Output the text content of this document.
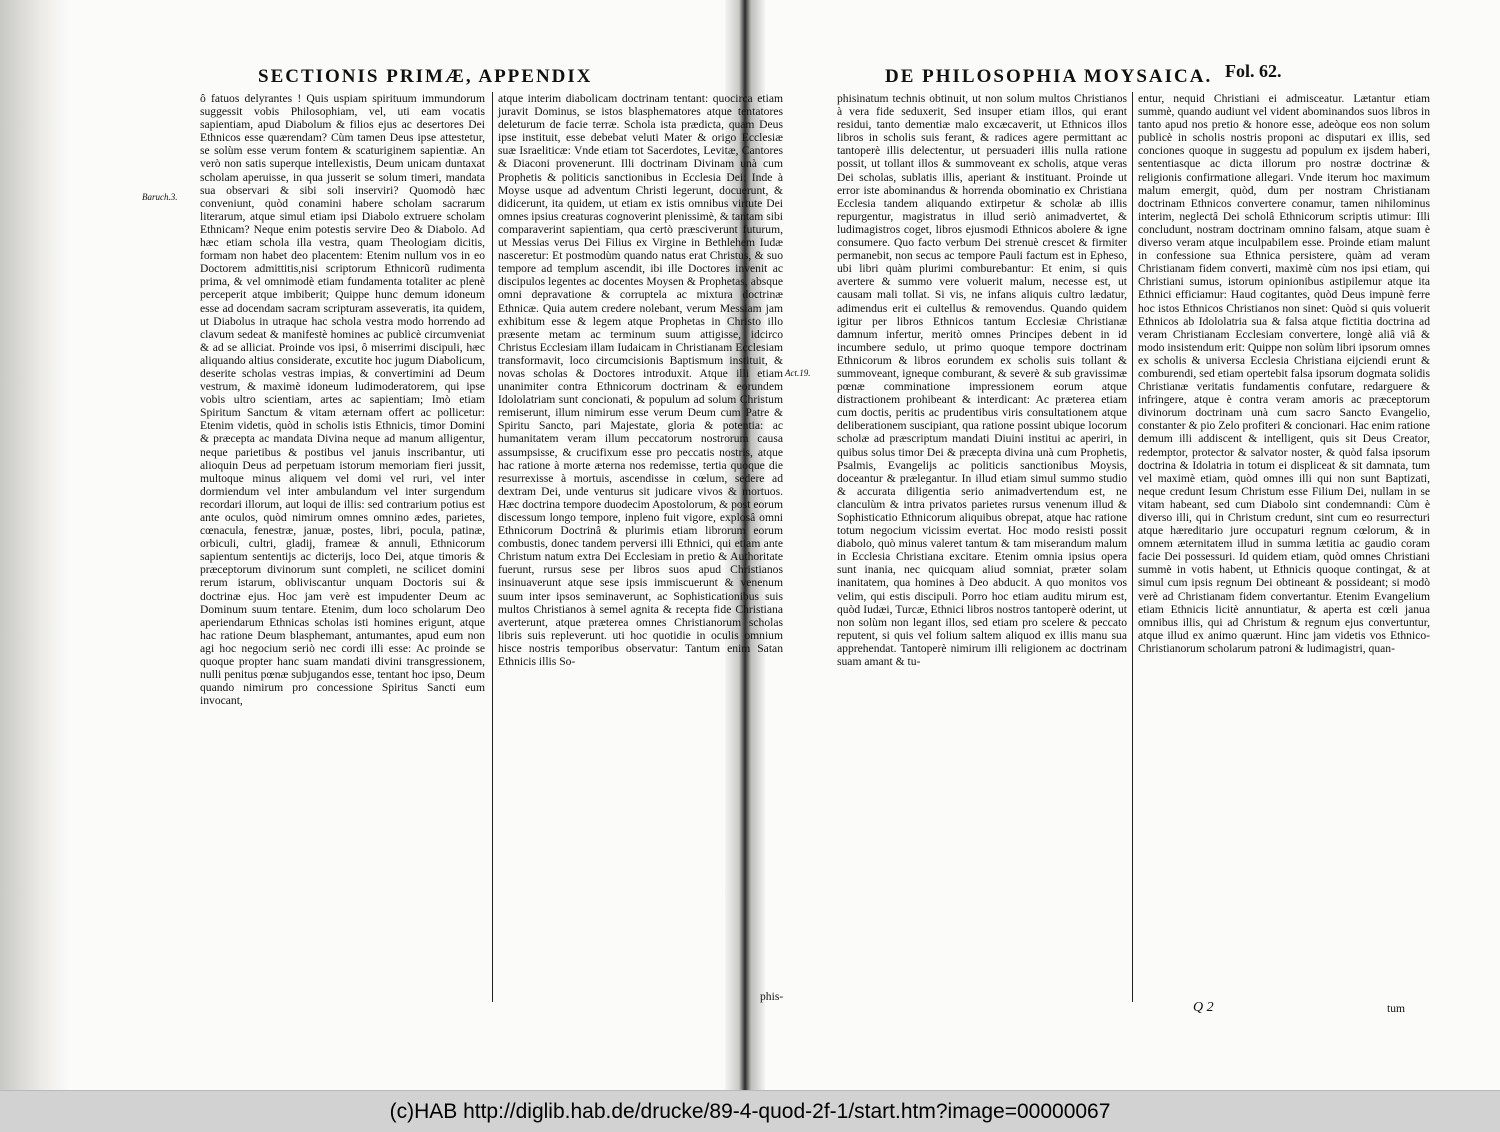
SECTIONIS PRIMÆ, APPENDIX
Baruch.3.

ô fatuos delyrantes ! Quis uspiam spirituum immundorum suggessit vobis Philosophiam, vel, uti eam vocatis sapientiam, apud Diabolum & filios ejus ac desertores Dei Ethnicos esse quærendam? Cùm tamen Deus ipse attestetur, se solùm esse verum fontem & scaturiginem sapientiæ. An verò non satis superque intellexistis, Deum unicam duntaxat scholam aperuisse, in qua jusserit se solum timeri, mandata sua observari & sibi soli inserviri? Quomodò hæc conveniunt, quòd conamini habere scholam sacrarum literarum, atque simul etiam ipsi Diabolo extruere scholam Ethnicam? Neque enim potestis servire Deo & Diabolo. Ad hæc etiam schola illa vestra, quam Theologiam dicitis, formam non habet deo placentem: Etenim nullum vos in eo Doctorem admittitis,nisi scriptorum Ethnicorũ rudimenta prima, & vel omnimodè etiam fundamenta totaliter ac plenè perceperit atque imbiberit; Quippe hunc demum idoneum esse ad docendam sacram scripturam asseveratis, ita quidem, ut Diabolus in utraque hac schola vestra modo horrendo ad clavum sedeat & manifestè homines ac publicè circumveniat & ad se alliciat. Proinde vos ipsi, ô miserrimi discipuli, hæc aliquando altius considerate, excutite hoc jugum Diabolicum, deserite scholas vestras impias, & convertimini ad Deum vestrum, & maximè idoneum ludimoderatorem, qui ipse vobis ultro scientiam, artes ac sapientiam; Imò etiam Spiritum Sanctum & vitam æternam offert ac pollicetur: Etenim videtis, quòd in scholis istis Ethnicis, timor Domini & præcepta ac mandata Divina neque ad manum alligentur, neque parietibus & postibus vel januis inscribantur, uti alioquin Deus ad perpetuam istorum memoriam fieri jussit, multoque minus aliquem vel domi vel ruri, vel inter dormiendum vel inter ambulandum vel inter surgendum recordari illorum, aut loqui de illis: sed contrarium potius est ante oculos, quòd nimirum omnes omnino ædes, parietes, cœnacula, fenestræ, januæ, postes, libri, pocula, patinæ, orbiculi, cultri, gladij, frameæ & annuli, Ethnicorum sapientum sententijs ac dicterijs, loco Dei, atque timoris & præceptorum divinorum sunt completi, ne scilicet domini rerum istarum, obliviscantur unquam Doctoris sui & doctrinæ ejus. Hoc jam verè est impudenter Deum ac Dominum suum tentare. Etenim, dum loco scholarum Deo aperiendarum Ethnicas scholas isti homines erigunt, atque hac ratione Deum blasphemant, antumantes, apud eum non agi hoc negocium seriò nec cordi illi esse: Ac proinde se quoque propter hanc suam mandati divini transgressionem, nulli penitus pœnæ subjugandos esse, tentant hoc ipso, Deum quando nimirum pro concessione Spiritus Sancti eum invocant,

atque interim diabolicam doctrinam tentant: quocirca etiam juravit Dominus, se istos blasphematores atque tentatores deleturum de facie terræ. Schola ista prædicta, quam Deus ipse instituit, esse debebat veluti Mater & origo Ecclesiæ suæ Israeliticæ: Vnde etiam tot Sacerdotes, Levitæ, Cantores & Diaconi provenerunt. Illi doctrinam Divinam unà cum Prophetis & politicis sanctionibus in Ecclesia Dei: Inde à Moyse usque ad adventum Christi legerunt, docuerunt, & didicerunt, ita quidem, ut etiam ex istis omnibus virtute Dei omnes ipsius creaturas cognoverint plenissimè, & tantam sibi comparaverint sapientiam, qua certò præsciverunt futurum, ut Messias verus Dei Filius ex Virgine in Bethlehem Iudæ nasceretur: Et postmodùm quando natus erat Christus, & suo tempore ad templum ascendit, ibi ille Doctores invenit ac discipulos legentes ac docentes Moysen & Prophetas, absque omni depravatione & corruptela ac mixtura doctrinæ Ethnicæ. Quia autem credere nolebant, verum Messiam jam exhibitum esse & legem atque Prophetas in Christo illo præsente metam ac terminum suum attigisse, idcirco Christus Ecclesiam illam Iudaicam in Christianam Ecclesiam transformavit, loco circumcisionis Baptismum instituit, & novas scholas & Doctores introduxit. Atque illi etiam unanimiter contra Ethnicorum doctrinam & eorundem Idololatriam sunt concionati, & populum ad solum Christum remiserunt, illum nimirum esse verum Deum cum Patre & Spiritu Sancto, pari Majestate, gloria & potentia: ac humanitatem veram illum peccatorum nostrorum causa assumpsisse, & crucifixum esse pro peccatis nostris, atque hac ratione à morte æterna nos redemisse, tertia quoque die resurrexisse à mortuis, ascendisse in cœlum, sedere ad dextram Dei, unde venturus sit judicare vivos & mortuos. Hæc doctrina tempore duodecim Apostolorum, & post eorum discessum longo tempore, inpleno fuit vigore, explosâ omni Ethnicorum Doctrinâ & plurimis etiam librorum eorum combustis, donec tandem perversi illi Ethnici, qui etiam ante Christum natum extra Dei Ecclesiam in pretio & Authoritate fuerunt, rursus sese per libros suos apud Christianos insinuaverunt atque sese ipsis immiscuerunt & venenum suum inter ipsos seminaverunt, ac Sophisticationibus suis multos Christianos à semel agnita & recepta fide Christiana averterunt, atque præterea omnes Christianorum scholas libris suis repleverunt. uti hoc quotidie in oculis omnium hisce nostris temporibus observatur: Tantum enim Satan Ethnicis illis So-

phis-
DE PHILOSOPHIA MOYSAICA. Fol. 62.
Act.19.

phisinatum technis obtinuit, ut non solum multos Christianos à vera fide seduxerit, Sed insuper etiam illos, qui erant residui, tanto dementiæ malo excæcaverit, ut Ethnicos illos libros in scholis suis ferant, & radices agere permittant ac tantoperè illis delectentur, ut persuaderi illis nulla ratione possit, ut tollant illos & summoveant ex scholis, atque veras Dei scholas, sublatis illis, aperiant & instituant. Proinde ut error iste abominandus & horrenda obominatio ex Christiana Ecclesia tandem aliquando extirpetur & scholæ ab illis repurgentur, magistratus in illud seriò animadvertet, & ludimagistros coget, libros ejusmodi Ethnicos abolere & igne consumere. Quo facto verbum Dei strenuè crescet & firmiter permanebit, non secus ac tempore Pauli factum est in Epheso, ubi libri quàm plurimi comburebantur: Et enim, si quis avertere & summo vere voluerit malum, necesse est, ut causam mali tollat. Si vis, ne infans aliquis cultro lædatur, adimendus erit ei cultellus & removendus. Quando quidem igitur per libros Ethnicos tantum Ecclesiæ Christianæ damnum infertur, meritò omnes Principes debent in id incumbere sedulo, ut primo quoque tempore doctrinam Ethnicorum & libros eorundem ex scholis suis tollant & summoveant, igneque comburant, & severè & sub gravissimæ pœnæ comminatione impressionem eorum atque distractionem prohibeant & interdicant: Ac præterea etiam cum doctis, peritis ac prudentibus viris consultationem atque deliberationem suscipiant, qua ratione possint ubique locorum scholæ ad præscriptum mandati Diuini institui ac aperiri, in quibus solus timor Dei & præcepta divina unà cum Prophetis, Psalmis, Evangelijs ac politicis sanctionibus Moysis, doceantur & prælegantur. In illud etiam simul summo studio & accurata diligentia serio animadvertendum est, ne clanculùm & intra privatos parietes rursus venenum illud & Sophisticatio Ethnicorum aliquibus obrepat, atque hac ratione totum negocium vicissim evertat. Hoc modo resisti possit diabolo, quò minus valeret tantum & tam miserandum malum in Ecclesia Christiana excitare. Etenim omnia ipsius opera sunt inania, nec quicquam aliud somniat, præter solam inanitatem, qua homines à Deo abducit. A quo monitos vos velim, qui estis discipuli. Porro hoc etiam auditu mirum est, quòd Iudæi, Turcæ, Ethnici libros nostros tantoperè oderint, ut non solùm non legant illos, sed etiam pro scelere & peccato reputent, si quis vel folium saltem aliquod ex illis manu sua apprehendat. Tantoperè nimirum illi religionem ac doctrinam suam amant & tu-

entur, nequid Christiani ei admisceatur. Lætantur etiam summè, quando audiunt vel vident abominandos suos libros in tanto apud nos pretio & honore esse, adeòque eos non solum publicè in scholis nostris proponi ac disputari ex illis, sed conciones quoque in suggestu ad populum ex ijsdem haberi, sententiasque ac dicta illorum pro nostræ doctrinæ & religionis confirmatione allegari. Vnde iterum hoc maximum malum emergit, quòd, dum per nostram Christianam doctrinam Ethnicos convertere conamur, tamen nihilominus interim, neglectâ Dei scholâ Ethnicorum scriptis utimur: Illi concludunt, nostram doctrinam omnino falsam, atque suam è diverso veram atque inculpabilem esse. Proinde etiam malunt in confessione sua Ethnica persistere, quàm ad veram Christianam fidem converti, maximè cùm nos ipsi etiam, qui Christiani sumus, istorum opinionibus astipilemur atque ita Ethnici efficiamur: Haud cogitantes, quòd Deus impunè ferre hoc istos Ethnicos Christianos non sinet: Quòd si quis voluerit Ethnicos ab Idololatria sua & falsa atque fictitia doctrina ad veram Christianam Ecclesiam convertere, longè aliâ viâ & modo insistendum erit: Quippe non solùm libri ipsorum omnes ex scholis & universa Ecclesia Christiana eijciendi erunt & comburendi, sed etiam opertebit falsa ipsorum dogmata solidis Christianæ veritatis fundamentis confutare, redarguere & infringere, atque è contra veram amoris ac præceptorum divinorum doctrinam unà cum sacro Sancto Evangelio, constanter & pio Zelo profiteri & concionari. Hac enim ratione demum illi addiscent & intelligent, quis sit Deus Creator, redemptor, protector & salvator noster, & quòd falsa ipsorum doctrina & Idolatria in totum ei displiceat & sit damnata, tum vel maximè etiam, quòd omnes illi qui non sunt Baptizati, neque credunt Iesum Christum esse Filium Dei, nullam in se vitam habeant, sed cum Diabolo sint condemnandi: Cùm è diverso illi, qui in Christum credunt, sint cum eo resurrecturi atque hæreditario jure occupaturi regnum cœlorum, & in omnem æternitatem illud in summa lætitia ac gaudio coram facie Dei possessuri. Id quidem etiam, quòd omnes Christiani summè in votis habent, ut Ethnicis quoque contingat, & at simul cum ipsis regnum Dei obtineant & possideant; si modò verè ad Christianam fidem convertantur. Etenim Evangelium etiam Ethnicis licitè annuntiatur, & aperta est cœli janua omnibus illis, qui ad Christum & regnum ejus convertuntur, atque illud ex animo quærunt. Hinc jam videtis vos Ethnico-Christianorum scholarum patroni & ludimagistri, quan-

Q 2	tum
(c)HAB http://diglib.hab.de/drucke/89-4-quod-2f-1/start.htm?image=00000067
